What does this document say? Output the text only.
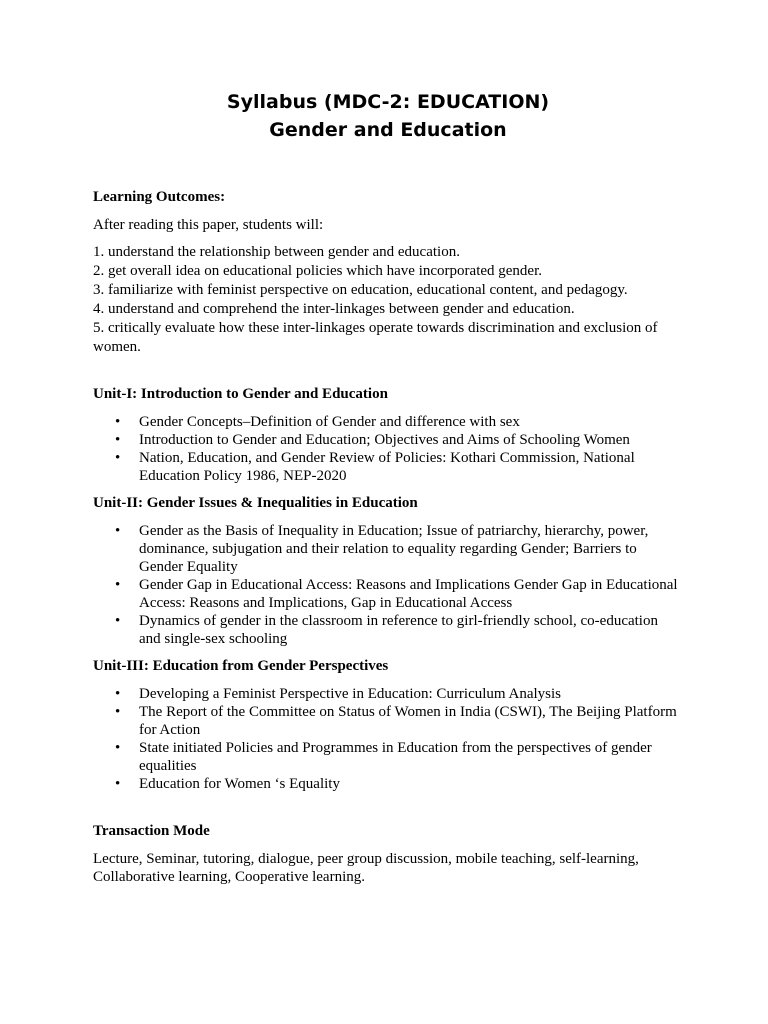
Syllabus (MDC-2: EDUCATION)
Gender and Education
Learning Outcomes:
After reading this paper, students will:

1. understand the relationship between gender and education.

2. get overall idea on educational policies which have incorporated gender.

3. familiarize with feminist perspective on education, educational content, and pedagogy.

4. understand and comprehend the inter-linkages between gender and education.

5. critically evaluate how these inter-linkages operate towards discrimination and exclusion of women.

Unit-I: Introduction to Gender and Education
• Gender Concepts–Definition of Gender and difference with sex
• Introduction to Gender and Education; Objectives and Aims of Schooling Women
• Nation, Education, and Gender Review of Policies: Kothari Commission, National Education Policy 1986, NEP-2020
Unit-II: Gender Issues & Inequalities in Education
• Gender as the Basis of Inequality in Education; Issue of patriarchy, hierarchy, power, dominance, subjugation and their relation to equality regarding Gender; Barriers to Gender Equality
• Gender Gap in Educational Access: Reasons and Implications Gender Gap in Educational Access: Reasons and Implications, Gap in Educational Access
• Dynamics of gender in the classroom in reference to girl-friendly school, co-education and single-sex schooling
Unit-III: Education from Gender Perspectives
• Developing a Feminist Perspective in Education: Curriculum Analysis
• The Report of the Committee on Status of Women in India (CSWI), The Beijing Platform for Action
• State initiated Policies and Programmes in Education from the perspectives of gender equalities
• Education for Women ‘s Equality
Transaction Mode
Lecture, Seminar, tutoring, dialogue, peer group discussion, mobile teaching, self-learning, Collaborative learning, Cooperative learning.
